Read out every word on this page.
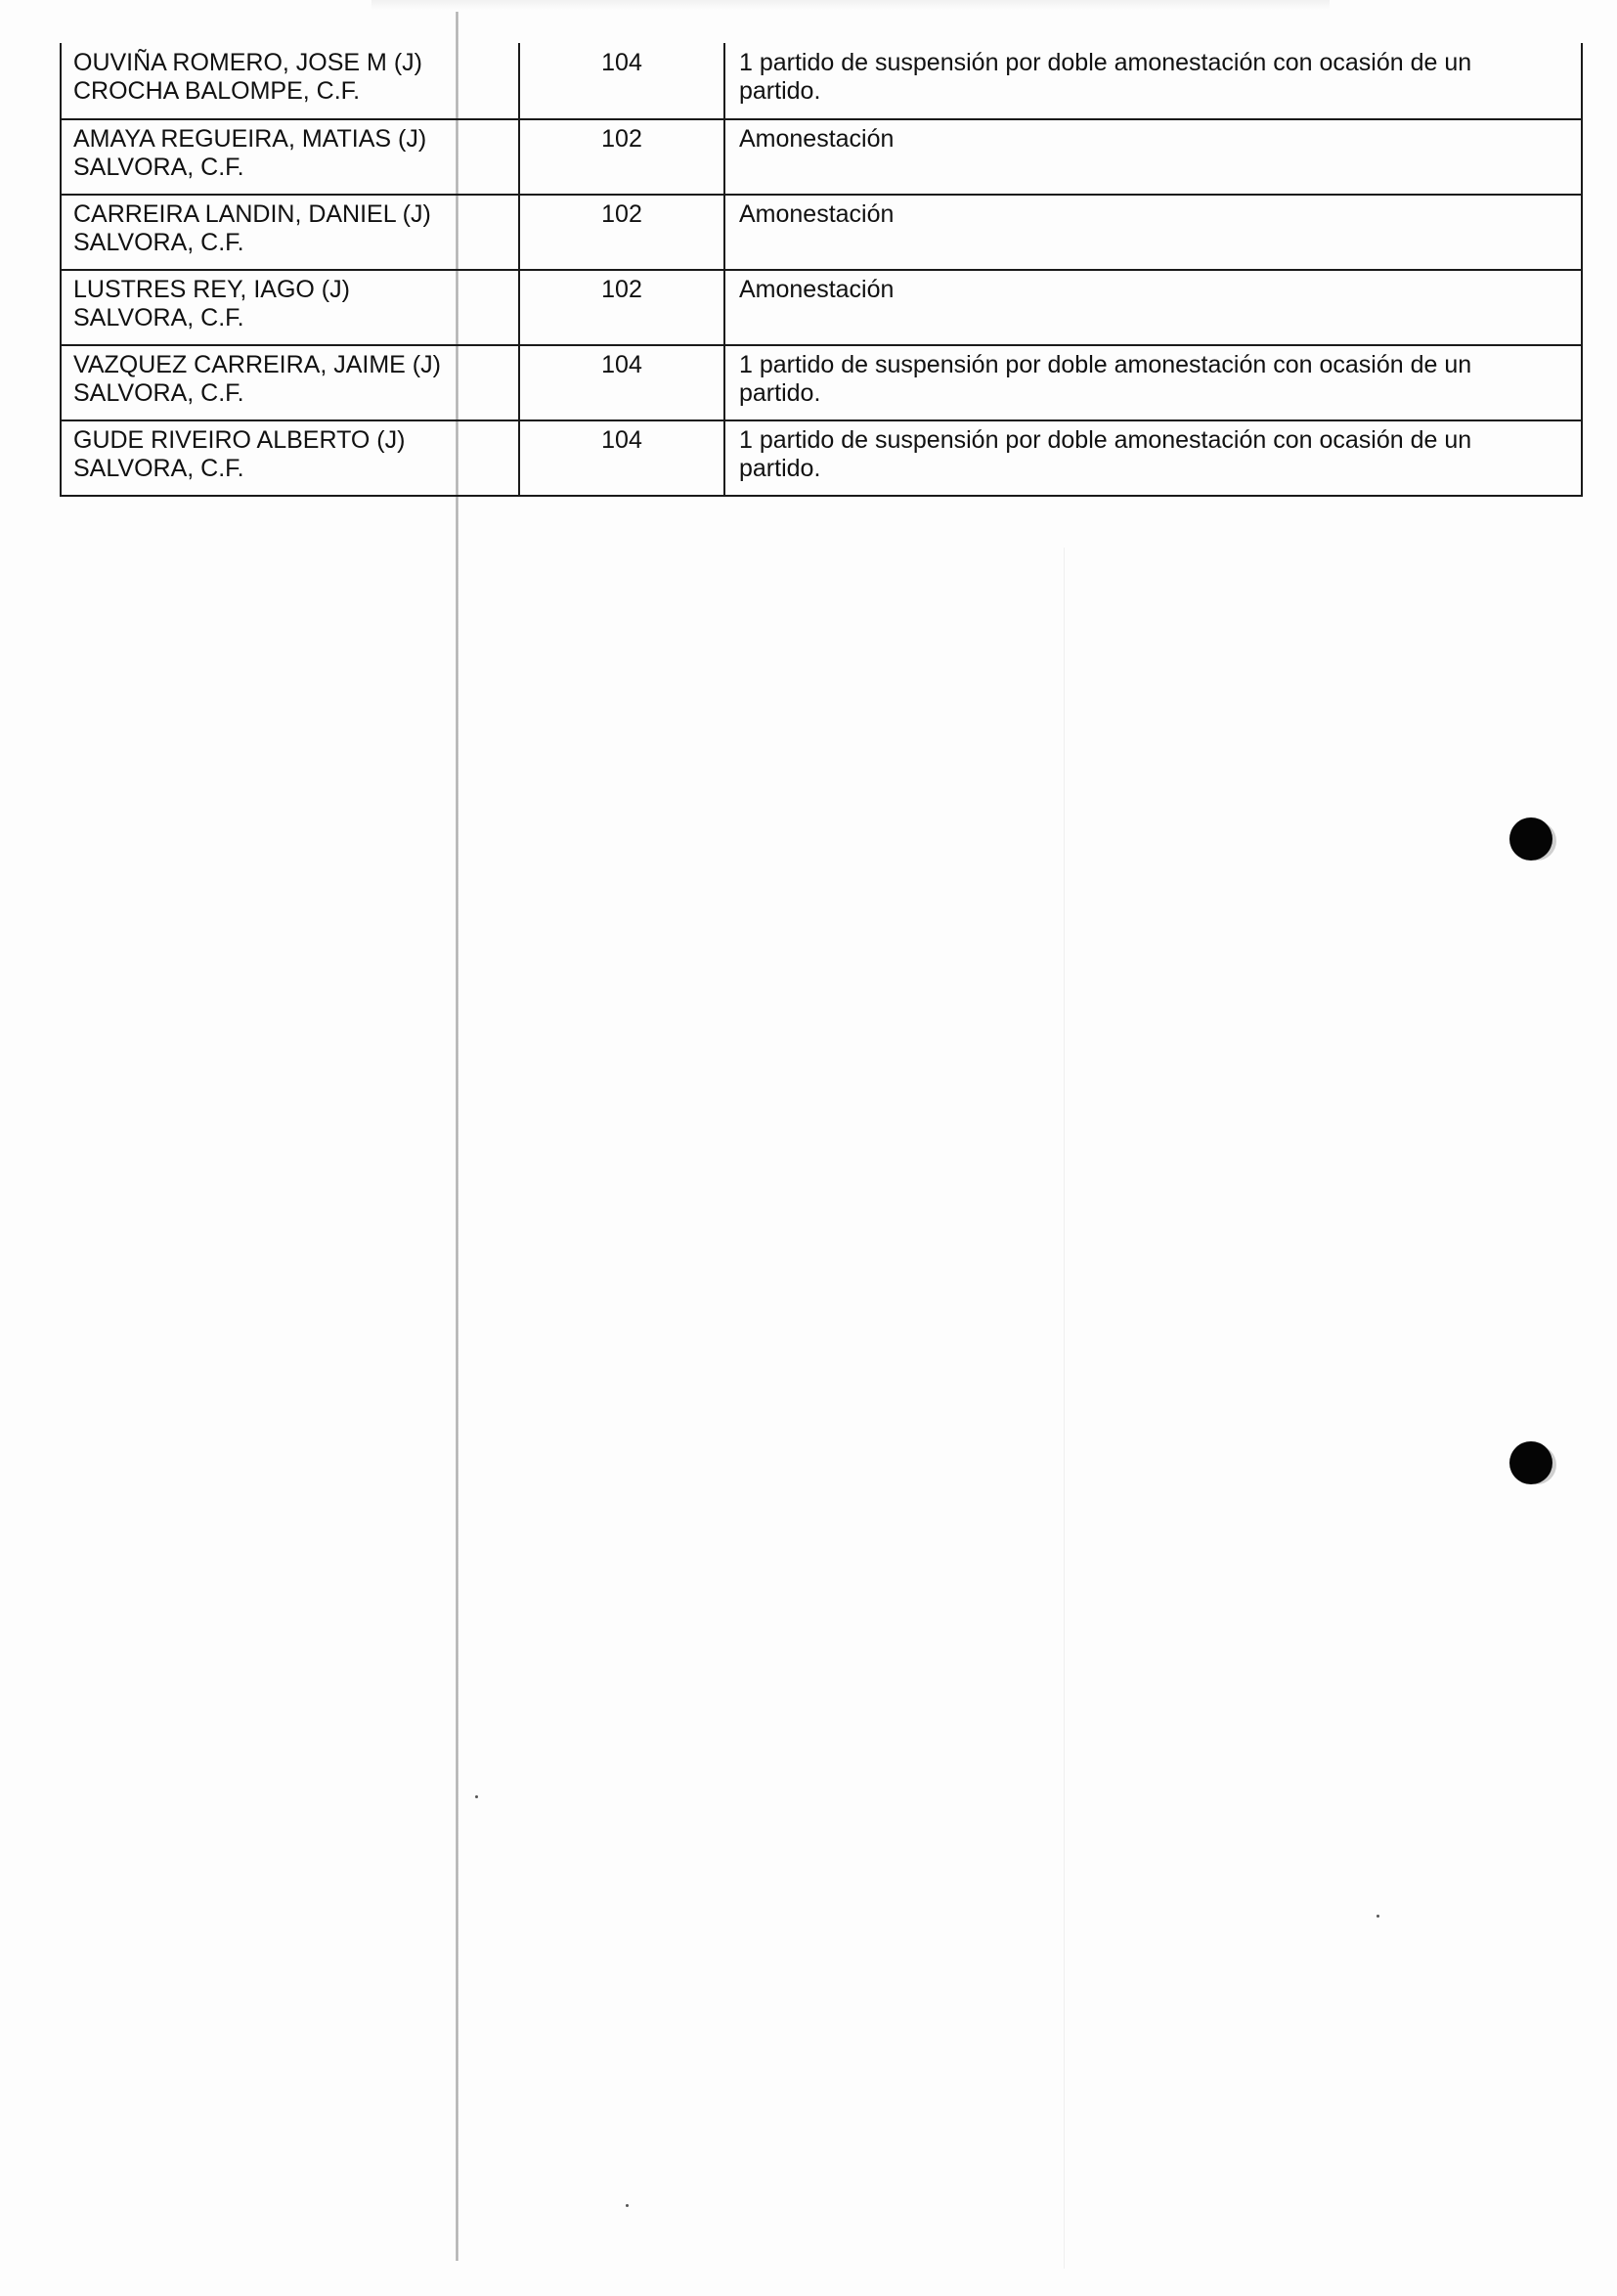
OUVIÑA ROMERO, JOSE M (J)
CROCHA BALOMPE, C.F.	104	1 partido de suspensión por doble amonestación con ocasión de un partido.

AMAYA REGUEIRA, MATIAS (J)
SALVORA, C.F.	102	Amonestación

CARREIRA LANDIN, DANIEL (J)
SALVORA, C.F.	102	Amonestación

LUSTRES REY, IAGO (J)
SALVORA, C.F.	102	Amonestación

VAZQUEZ CARREIRA, JAIME (J)
SALVORA, C.F.	104	1 partido de suspensión por doble amonestación con ocasión de un partido.

GUDE RIVEIRO ALBERTO (J)
SALVORA, C.F.	104	1 partido de suspensión por doble amonestación con ocasión de un partido.
